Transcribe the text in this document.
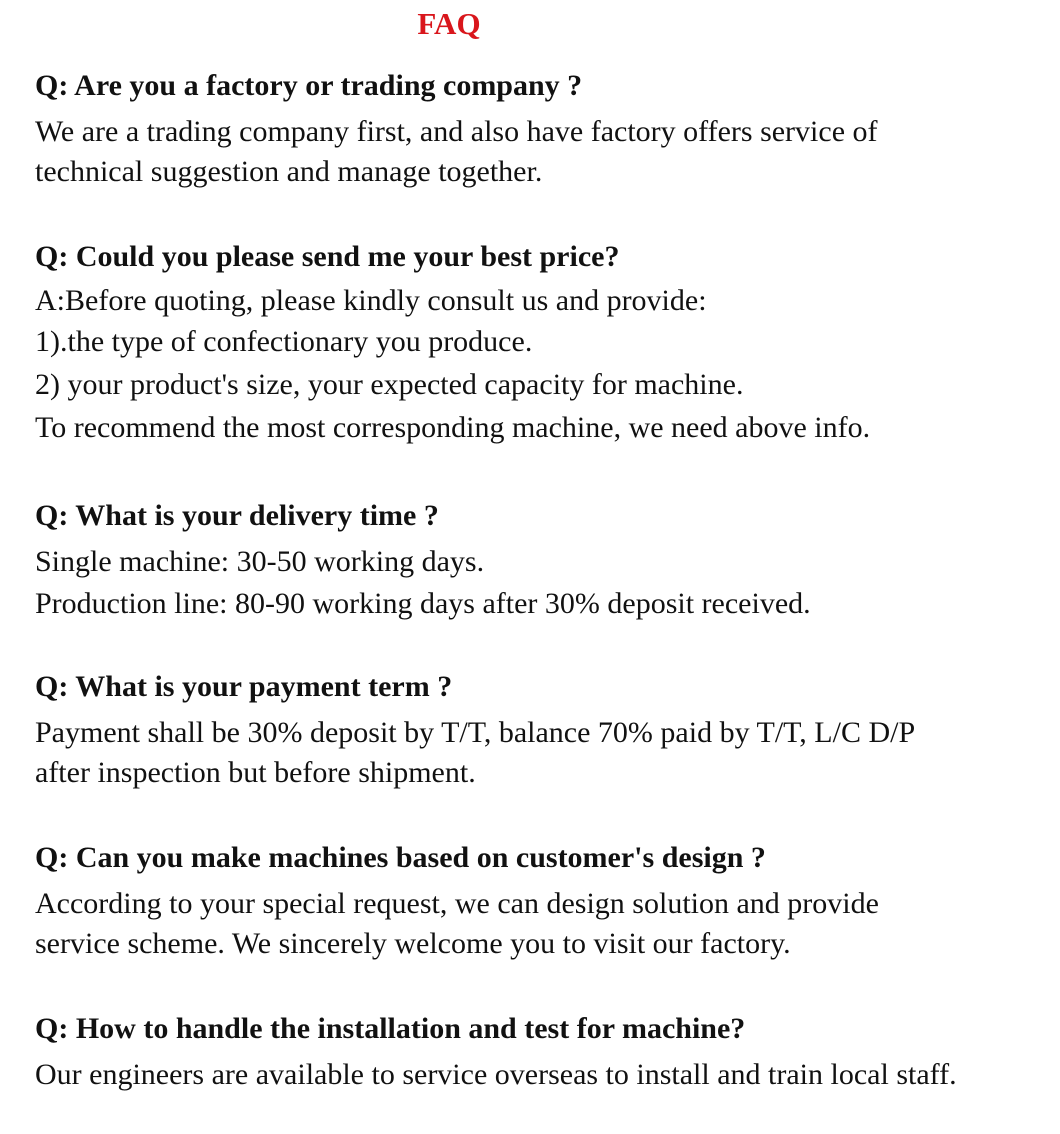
FAQ

Q: Are you a factory or trading company ?

We are a trading company first, and also have factory offers service of

technical suggestion and manage together.

Q: Could you please send me your best price?

A:Before quoting, please kindly consult us and provide:

1).the type of confectionary you produce.

2) your product's size, your expected capacity for machine.

To recommend the most corresponding machine, we need above info.

Q: What is your delivery time ?

Single machine: 30-50 working days.

Production line: 80-90 working days after 30% deposit received.

Q: What is your payment term ?

Payment shall be 30% deposit by T/T, balance 70% paid by T/T, L/C D/P

after inspection but before shipment.

Q: Can you make machines based on customer's design ?

According to your special request, we can design solution and provide

service scheme. We sincerely welcome you to visit our factory.

Q: How to handle the installation and test for machine?

Our engineers are available to service overseas to install and train local staff.
